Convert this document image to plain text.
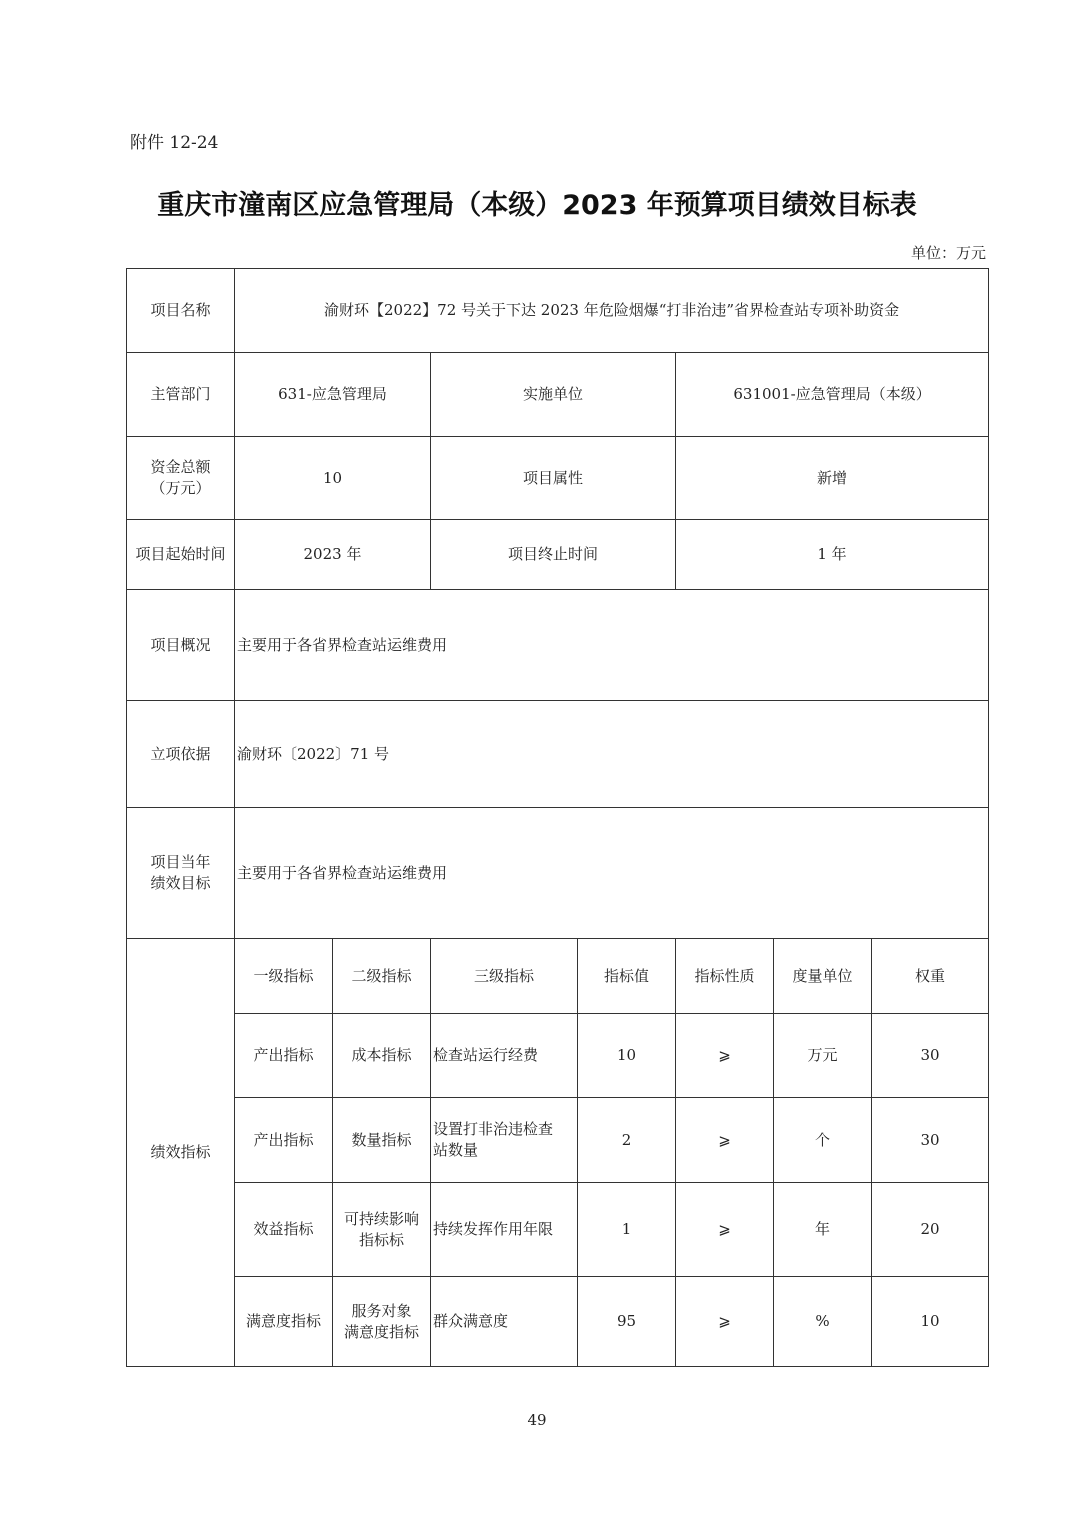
附件 12-24
重庆市潼南区应急管理局（本级）2023 年预算项目绩效目标表
单位：万元
项目名称	渝财环【2022】72 号关于下达 2023 年危险烟爆“打非治违”省界检查站专项补助资金						
主管部门	631-应急管理局		实施单位		631001-应急管理局（本级）		

资金总额
（万元）	10		项目属性		新增		
项目起始时间	2023 年		项目终止时间		1 年		
项目概况	主要用于各省界检查站运维费用						
立项依据	渝财环〔2022〕71 号						

项目当年
绩效目标	主要用于各省界检查站运维费用						
绩效指标	一级指标	二级指标	三级指标	指标值	指标性质	度量单位	权重
	产出指标	成本指标	检查站运行经费	10	⩾	万元	30
	产出指标	数量指标	设置打非治违检查
站数量	2	⩾	个	30
	效益指标	可持续影响
指标标	持续发挥作用年限	1	⩾	年	20
	满意度指标	服务对象
满意度指标	群众满意度	95	⩾	%	10
49
